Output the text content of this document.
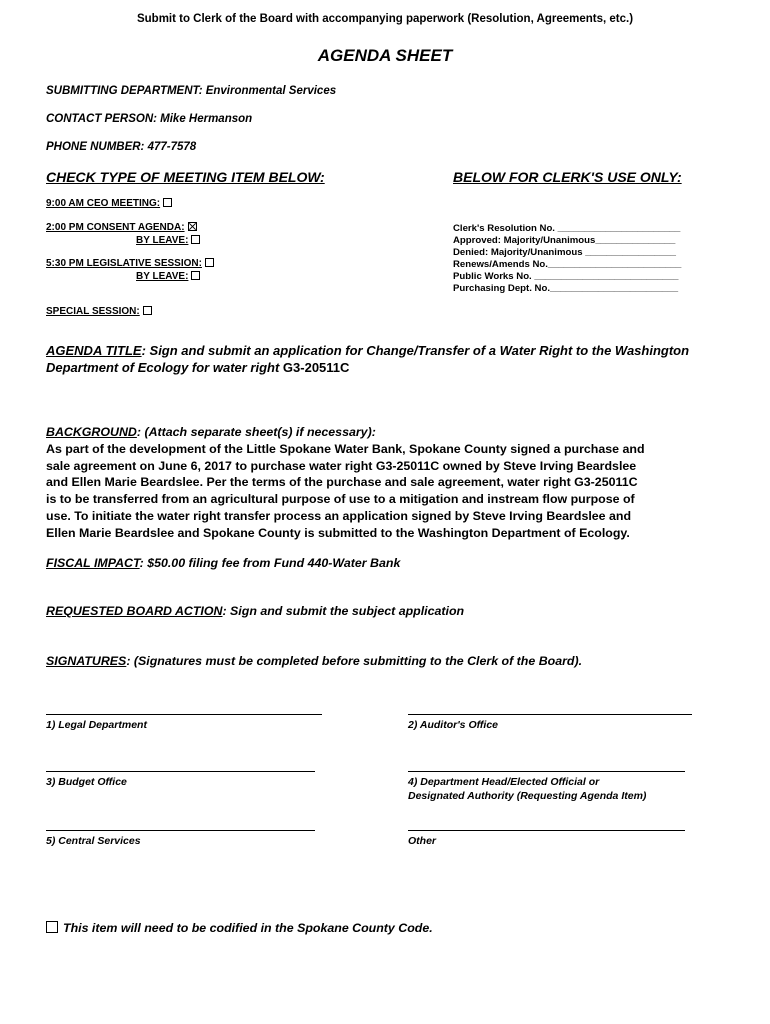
Submit to Clerk of the Board with accompanying paperwork (Resolution, Agreements, etc.)
AGENDA SHEET
SUBMITTING DEPARTMENT: Environmental Services
CONTACT PERSON: Mike Hermanson
PHONE NUMBER: 477-7578
CHECK TYPE OF MEETING ITEM BELOW:	BELOW FOR CLERK'S USE ONLY:
9:00 AM CEO MEETING:
2:00 PM CONSENT AGENDA:
BY LEAVE:
5:30 PM LEGISLATIVE SESSION:
BY LEAVE:
SPECIAL SESSION:
Clerk's Resolution No. _______________________
Approved: Majority/Unanimous_______________
Denied: Majority/Unanimous _________________
Renews/Amends No._________________________
Public Works No. ___________________________
Purchasing Dept. No.________________________
AGENDA TITLE: Sign and submit an application for Change/Transfer of a Water Right to the Washington
Department of Ecology for water right G3-20511C
BACKGROUND: (Attach separate sheet(s) if necessary):
As part of the development of the Little Spokane Water Bank, Spokane County signed a purchase and
sale agreement on June 6, 2017 to purchase water right G3-25011C owned by Steve Irving Beardslee
and Ellen Marie Beardslee. Per the terms of the purchase and sale agreement, water right G3-25011C
is to be transferred from an agricultural purpose of use to a mitigation and instream flow purpose of
use. To initiate the water right transfer process an application signed by Steve Irving Beardslee and
Ellen Marie Beardslee and Spokane County is submitted to the Washington Department of Ecology.
FISCAL IMPACT: $50.00 filing fee from Fund 440-Water Bank
REQUESTED BOARD ACTION: Sign and submit the subject application
SIGNATURES: (Signatures must be completed before submitting to the Clerk of the Board).
1) Legal Department	2) Auditor's Office
3) Budget Office	4) Department Head/Elected Official or
Designated Authority (Requesting Agenda Item)
5) Central Services	Other
This item will need to be codified in the Spokane County Code.
